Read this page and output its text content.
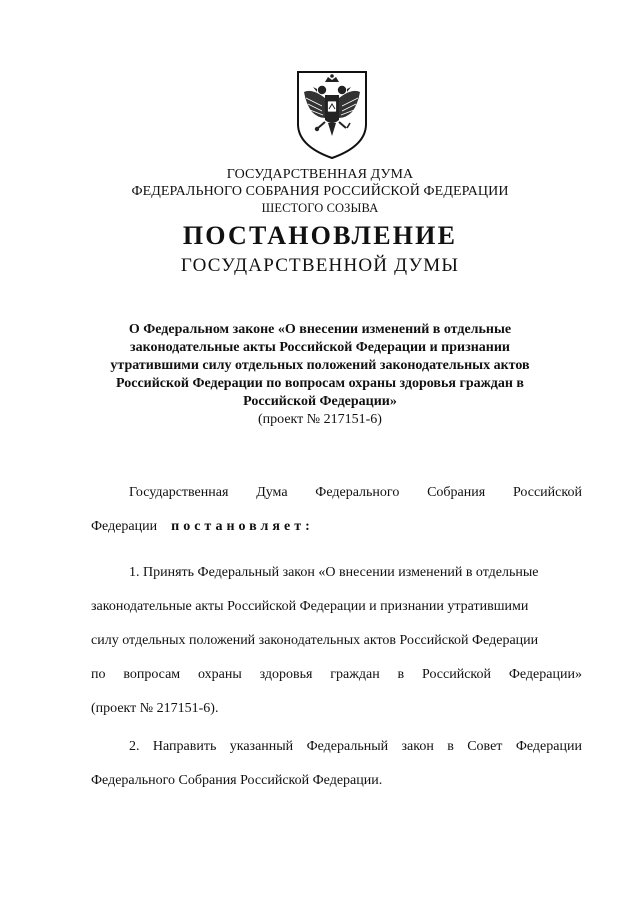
ГОСУДАРСТВЕННАЯ ДУМА
ФЕДЕРАЛЬНОГО СОБРАНИЯ РОССИЙСКОЙ ФЕДЕРАЦИИ
ШЕСТОГО СОЗЫВА
ПОСТАНОВЛЕНИЕ
ГОСУДАРСТВЕННОЙ ДУМЫ
О Федеральном законе «О внесении изменений в отдельные
законодательные акты Российской Федерации и признании
утратившими силу отдельных положений законодательных актов
Российской Федерации по вопросам охраны здоровья граждан в
Российской Федерации»
(проект № 217151-6)
Государственная Дума Федерального Собрания Российской
Федерации постановляет:
1. Принять Федеральный закон «О внесении изменений в отдельные
законодательные акты Российской Федерации и признании утратившими
силу отдельных положений законодательных актов Российской Федерации
по вопросам охраны здоровья граждан в Российской Федерации»
(проект № 217151-6).
2. Направить указанный Федеральный закон в Совет Федерации
Федерального Собрания Российской Федерации.
